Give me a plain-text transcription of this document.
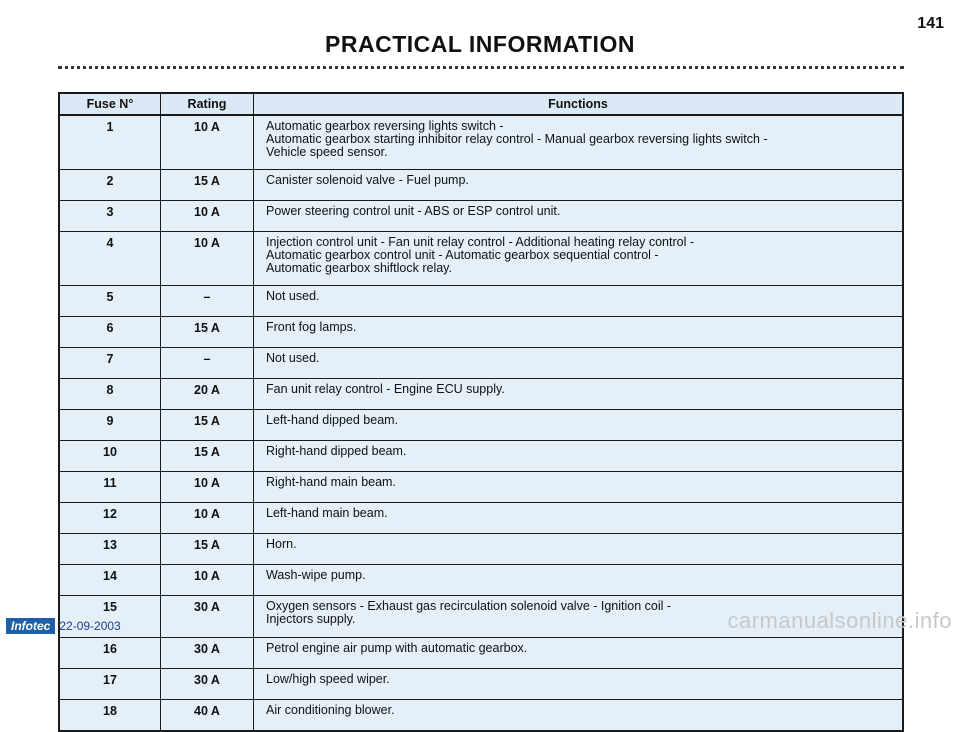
PRACTICAL INFORMATION
141
Fuse N°	Rating	Functions
1	10 A	Automatic gearbox reversing lights switch -
Automatic gearbox starting inhibitor relay control - Manual gearbox reversing lights switch -
Vehicle speed sensor.
2	15 A	Canister solenoid valve - Fuel pump.
3	10 A	Power steering control unit - ABS or ESP control unit.
4	10 A	Injection control unit - Fan unit relay control - Additional heating relay control -
Automatic gearbox control unit - Automatic gearbox sequential control -
Automatic gearbox shiftlock relay.
5	–	Not used.
6	15 A	Front fog lamps.
7	–	Not used.
8	20 A	Fan unit relay control - Engine ECU supply.
9	15 A	Left-hand dipped beam.
10	15 A	Right-hand dipped beam.
11	10 A	Right-hand main beam.
12	10 A	Left-hand main beam.
13	15 A	Horn.
14	10 A	Wash-wipe pump.
15	30 A	Oxygen sensors - Exhaust gas recirculation solenoid valve - Ignition coil -
Injectors supply.
16	30 A	Petrol engine air pump with automatic gearbox.
17	30 A	Low/high speed wiper.
18	40 A	Air conditioning blower.
Infotec 22-09-2003	carmanualsonline.info
